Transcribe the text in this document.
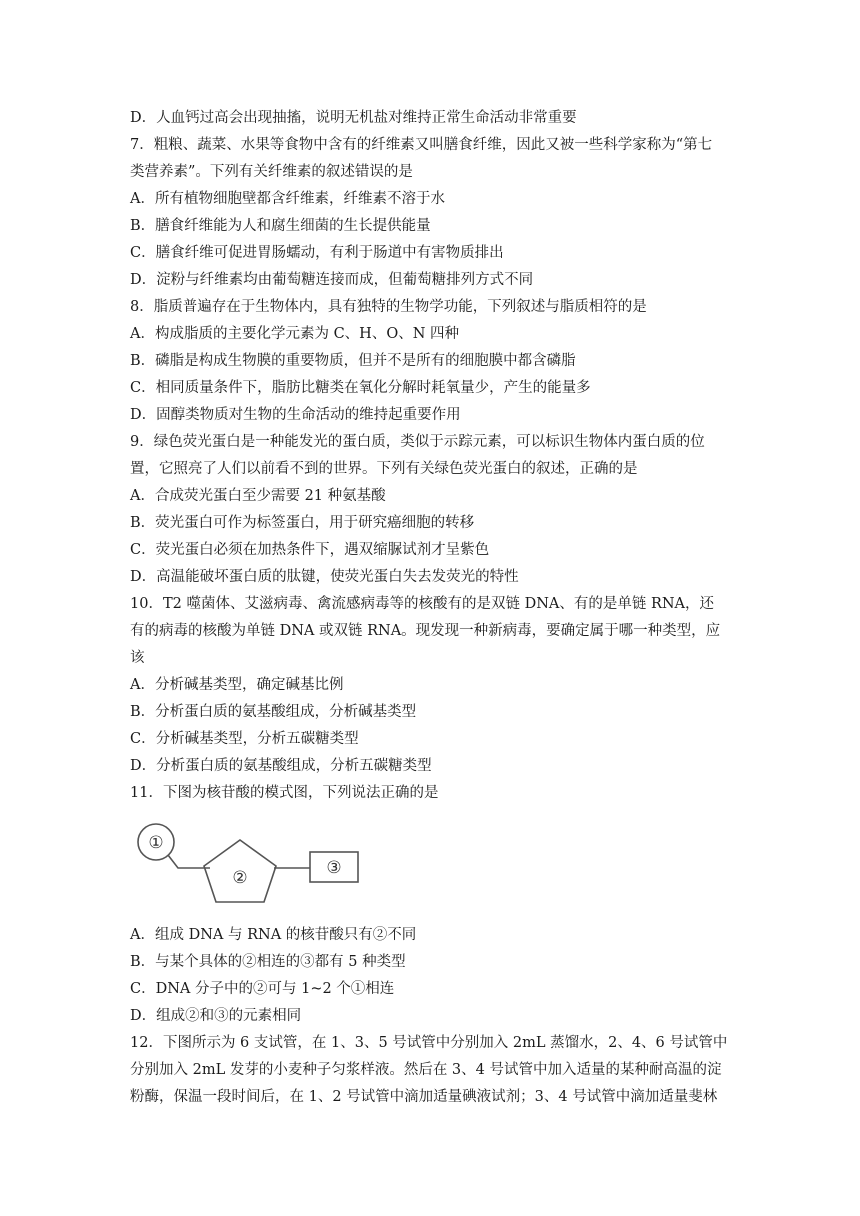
D．人血钙过高会出现抽搐，说明无机盐对维持正常生命活动非常重要
7．粗粮、蔬菜、水果等食物中含有的纤维素又叫膳食纤维，因此又被一些科学家称为“第七
类营养素”。下列有关纤维素的叙述错误的是
A．所有植物细胞壁都含纤维素，纤维素不溶于水
B．膳食纤维能为人和腐生细菌的生长提供能量
C．膳食纤维可促进胃肠蠕动，有利于肠道中有害物质排出
D．淀粉与纤维素均由葡萄糖连接而成，但葡萄糖排列方式不同
8．脂质普遍存在于生物体内，具有独特的生物学功能，下列叙述与脂质相符的是
A．构成脂质的主要化学元素为 C、H、O、N 四种
B．磷脂是构成生物膜的重要物质，但并不是所有的细胞膜中都含磷脂
C．相同质量条件下，脂肪比糖类在氧化分解时耗氧量少，产生的能量多
D．固醇类物质对生物的生命活动的维持起重要作用
9．绿色荧光蛋白是一种能发光的蛋白质，类似于示踪元素，可以标识生物体内蛋白质的位
置，它照亮了人们以前看不到的世界。下列有关绿色荧光蛋白的叙述，正确的是
A．合成荧光蛋白至少需要 21 种氨基酸
B．荧光蛋白可作为标签蛋白，用于研究癌细胞的转移
C．荧光蛋白必须在加热条件下，遇双缩脲试剂才呈紫色
D．高温能破坏蛋白质的肽键，使荧光蛋白失去发荧光的特性
10．T2 噬菌体、艾滋病毒、禽流感病毒等的核酸有的是双链 DNA、有的是单链 RNA，还
有的病毒的核酸为单链 DNA 或双链 RNA。现发现一种新病毒，要确定属于哪一种类型，应
该
A．分析碱基类型，确定碱基比例
B．分析蛋白质的氨基酸组成，分析碱基类型
C．分析碱基类型，分析五碳糖类型
D．分析蛋白质的氨基酸组成，分析五碳糖类型
11．下图为核苷酸的模式图，下列说法正确的是
A．组成 DNA 与 RNA 的核苷酸只有②不同
B．与某个具体的②相连的③都有 5 种类型
C．DNA 分子中的②可与 1~2 个①相连
D．组成②和③的元素相同
12．下图所示为 6 支试管，在 1、3、5 号试管中分别加入 2mL 蒸馏水，2、4、6 号试管中
分别加入 2mL 发芽的小麦种子匀浆样液。然后在 3、4 号试管中加入适量的某种耐高温的淀
粉酶，保温一段时间后，在 1、2 号试管中滴加适量碘液试剂；3、4 号试管中滴加适量斐林
①
②	③
